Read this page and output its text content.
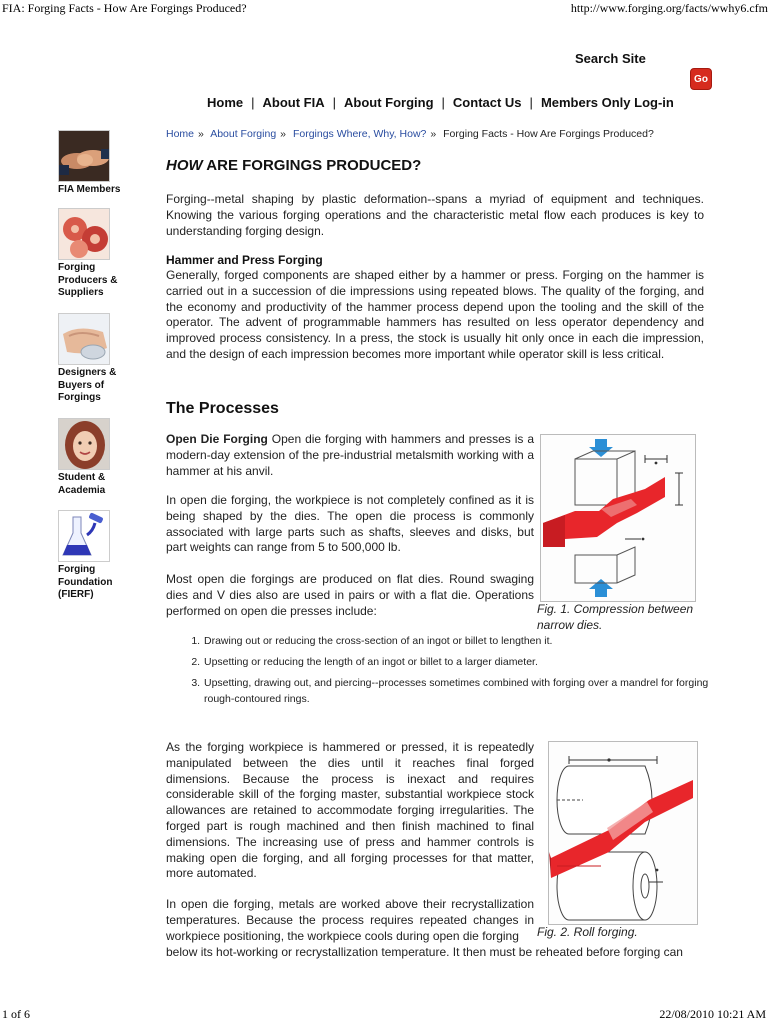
FIA: Forging Facts - How Are Forgings Produced?	http://www.forging.org/facts/wwhy6.cfm
1 of 6	22/08/2010 10:21 AM
Search Site
Go
Home | About FIA | About Forging | Contact Us | Members Only Log-in
Home » About Forging » Forgings Where, Why, How? » Forging Facts - How Are Forgings Produced?
FIA Members
Forging Producers & Suppliers
Designers & Buyers of Forgings
Student & Academia
Forging Foundation (FIERF)
HOW ARE FORGINGS PRODUCED?

Forging--metal shaping by plastic deformation--spans a myriad of equipment and techniques. Knowing the various forging operations and the characteristic metal flow each produces is key to understanding forging design.

Hammer and Press Forging

Generally, forged components are shaped either by a hammer or press. Forging on the hammer is carried out in a succession of die impressions using repeated blows. The quality of the forging, and the economy and productivity of the hammer process depend upon the tooling and the skill of the operator. The advent of programmable hammers has resulted on less operator dependency and improved process consistency. In a press, the stock is usually hit only once in each die impression, and the design of each impression becomes more important while operator skill is less critical.

The Processes

Open Die Forging Open die forging with hammers and presses is a modern-day extension of the pre-industrial metalsmith working with a hammer at his anvil.

In open die forging, the workpiece is not completely confined as it is being shaped by the dies. The open die process is commonly associated with large parts such as shafts, sleeves and disks, but part weights can range from 5 to 500,000 lb.

Most open die forgings are produced on flat dies. Round swaging dies and V dies also are used in pairs or with a flat die. Operations performed on open die presses include:	Fig. 1. Compression between narrow dies.
1. Drawing out or reducing the cross-section of an ingot or billet to lengthen it.
2. Upsetting or reducing the length of an ingot or billet to a larger diameter.
3. Upsetting, drawing out, and piercing--processes sometimes combined with forging over a mandrel for forging rough-contoured rings.

As the forging workpiece is hammered or pressed, it is repeatedly manipulated between the dies until it reaches final forged dimensions. Because the process is inexact and requires considerable skill of the forging master, substantial workpiece stock allowances are retained to accommodate forging irregularities. The forged part is rough machined and then finish machined to final dimensions. The increasing use of press and hammer controls is making open die forging, and all forging processes for that matter, more automated.

Fig. 2. Roll forging.

In open die forging, metals are worked above their recrystallization temperatures. Because the process requires repeated changes in workpiece positioning, the workpiece cools during open die forging

below its hot-working or recrystallization temperature. It then must be reheated before forging can
